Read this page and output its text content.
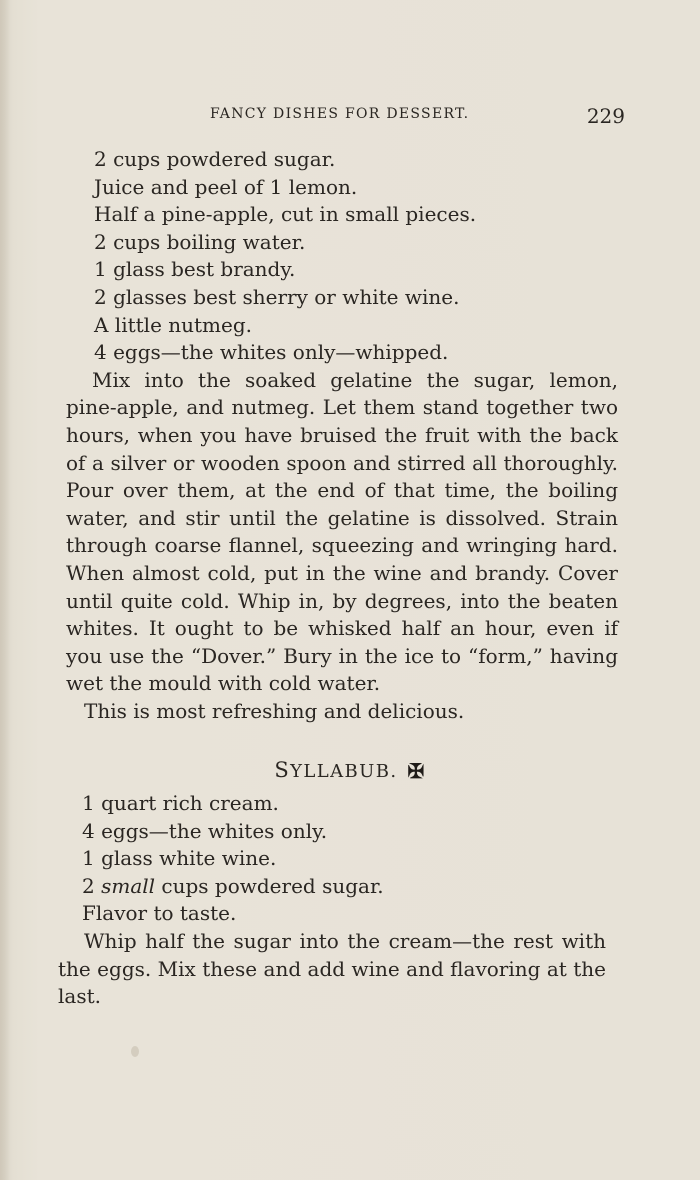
FANCY DISHES FOR DESSERT.	229
2 cups powdered sugar.
Juice and peel of 1 lemon.
Half a pine-apple, cut in small pieces.
2 cups boiling water.
1 glass best brandy.
2 glasses best sherry or white wine.
A little nutmeg.
4 eggs—the whites only—whipped.
Mix into the soaked gelatine the sugar, lemon, pine-apple, and nutmeg. Let them stand together two hours, when you have bruised the fruit with the back of a silver or wooden spoon and stirred all thoroughly. Pour over them, at the end of that time, the boiling water, and stir until the gelatine is dissolved. Strain through coarse flannel, squeezing and wringing hard. When almost cold, put in the wine and brandy. Cover until quite cold. Whip in, by degrees, into the beaten whites. It ought to be whisked half an hour, even if you use the “Dover.” Bury in the ice to “form,” having wet the mould with cold water.
This is most refreshing and delicious.
SYLLABUB. ✠
1 quart rich cream.
4 eggs—the whites only.
1 glass white wine.
2 small cups powdered sugar.
Flavor to taste.
Whip half the sugar into the cream—the rest with the eggs. Mix these and add wine and flavoring at the last.
